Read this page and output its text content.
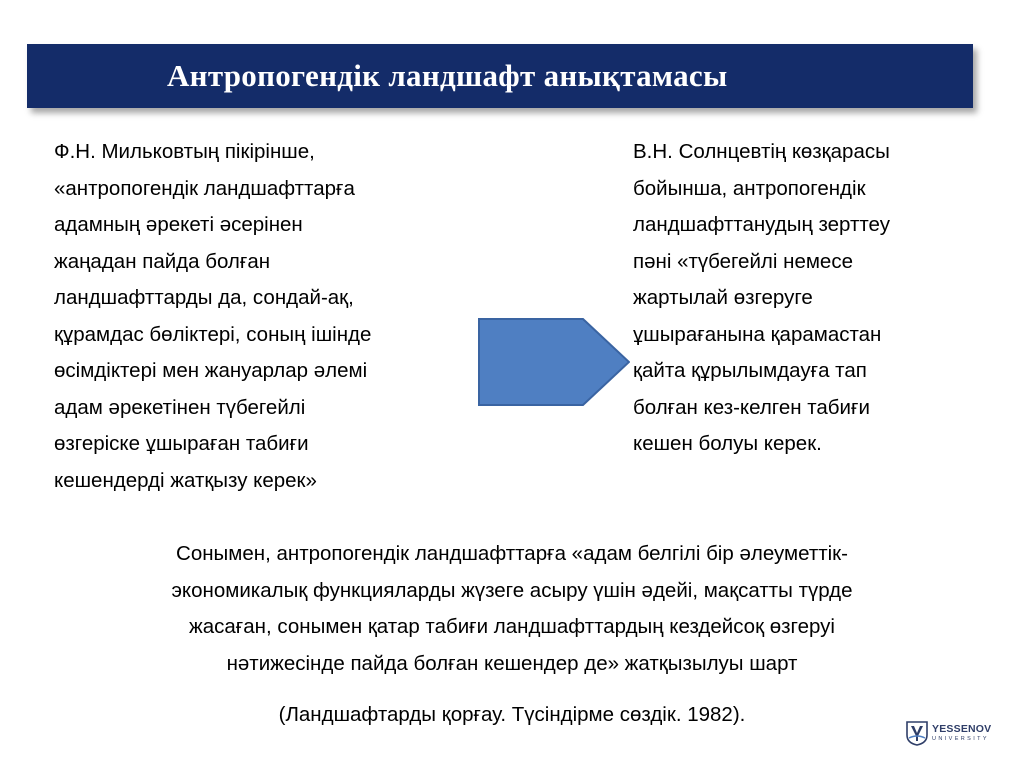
Антропогендік ландшафт анықтамасы
Ф.Н. Мильковтың пікірінше,
«антропогендік ландшафттарға
адамның әрекеті әсерінен
жаңадан пайда болған
ландшафттарды да, сондай-ақ,
құрамдас бөліктері, соның ішінде
өсімдіктері мен жануарлар әлемі
адам әрекетінен түбегейлі
өзгеріске ұшыраған табиғи
кешендерді жатқызу керек»
В.Н. Солнцевтің көзқарасы
бойынша, антропогендік
ландшафттанудың зерттеу
пәні «түбегейлі немесе
жартылай өзгеруге
ұшырағанына қарамастан
қайта құрылымдауға тап
болған кез-келген табиғи
кешен болуы керек.
Сонымен, антропогендік ландшафттарға «адам белгілі бір әлеуметтік-
экономикалық функцияларды жүзеге асыру үшін әдейі, мақсатты түрде
жасаған, сонымен қатар табиғи ландшафттардың кездейсоқ өзгеруі
нәтижесінде пайда болған кешендер де» жатқызылуы шарт
(Ландшафтарды қорғау. Түсіндірме сөздік. 1982).
YESSENOV
UNIVERSITY
